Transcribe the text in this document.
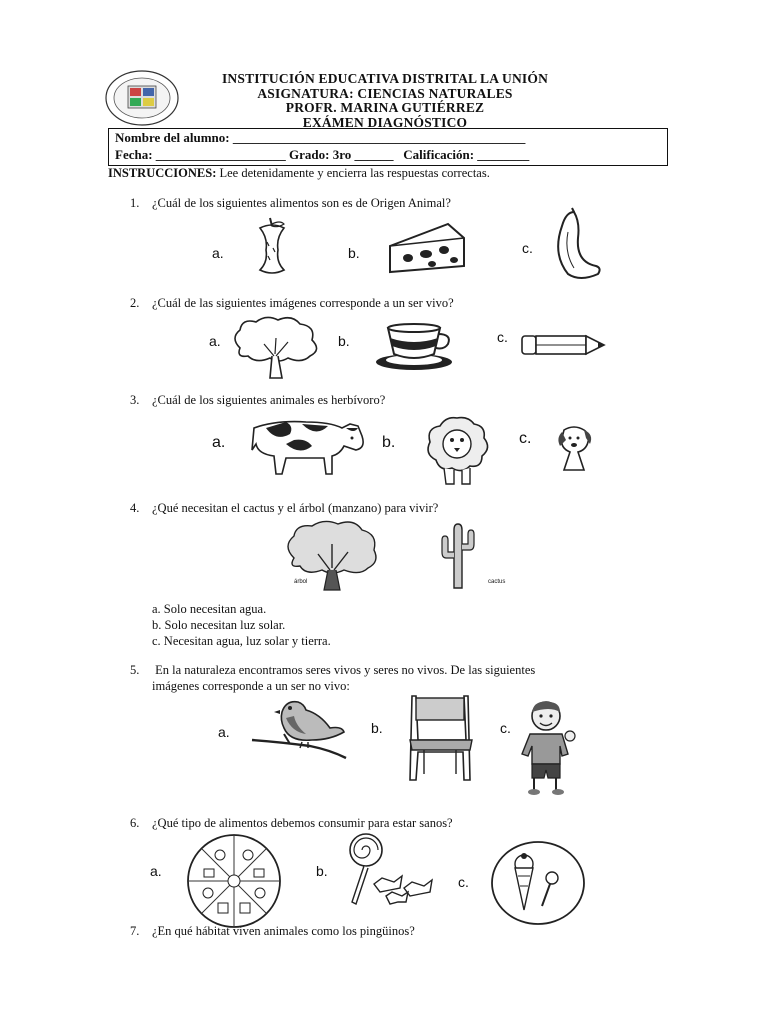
INSTITUCIÓN EDUCATIVA DISTRITAL LA UNIÓN
ASIGNATURA: CIENCIAS NATURALES
PROFR. MARINA GUTIÉRREZ
EXÁMEN DIAGNÓSTICO
Nombre del alumno: _____________________________________________
Fecha: ____________________ Grado: 3ro ______   Calificación: ________
INSTRUCCIONES: Lee detenidamente y encierra las respuestas correctas.
1. ¿Cuál de los siguientes alimentos son es de Origen Animal?
a.	b.	c.
2. ¿Cuál de las siguientes imágenes corresponde a un ser vivo?
a.	b.	c.
3. ¿Cuál de los siguientes animales es herbívoro?
a.	b.	c.
4. ¿Qué necesitan el cactus y el árbol (manzano) para vivir?
árbol	cactus
a. Solo necesitan agua.
b. Solo necesitan luz solar.
c. Necesitan agua, luz solar y tierra.
5. En la naturaleza encontramos seres vivos y seres no vivos. De las siguientes
imágenes corresponde a un ser no vivo:
a.	b.	c.
6. ¿Qué tipo de alimentos debemos consumir para estar sanos?
a.	b.
c.
7. ¿En qué hábitat viven animales como los pingüinos?
